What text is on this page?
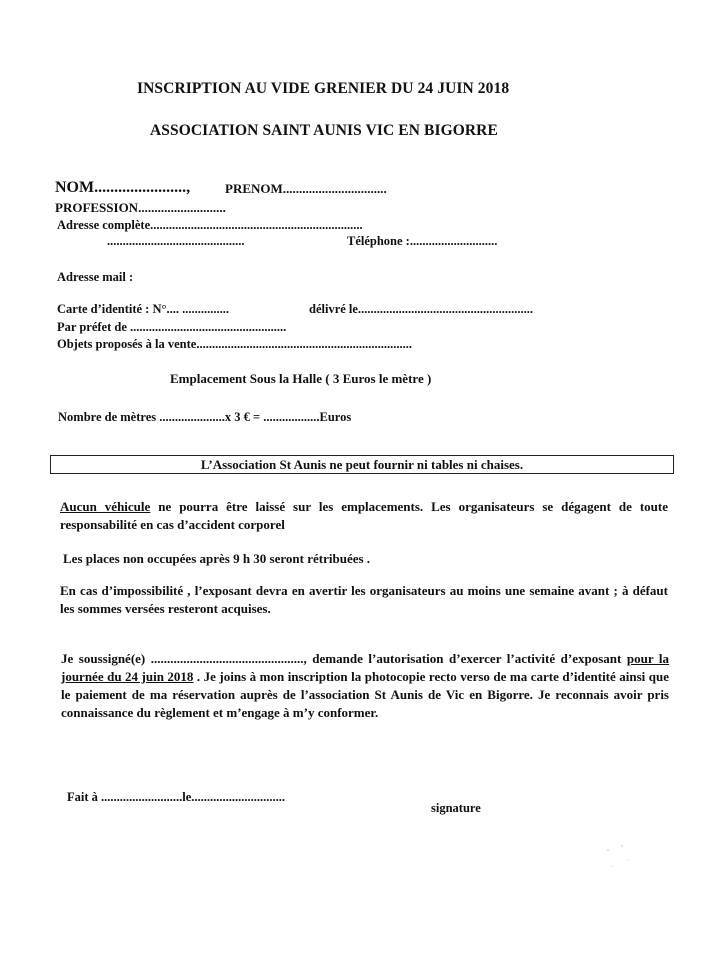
INSCRIPTION AU VIDE GRENIER DU 24 JUIN 2018
ASSOCIATION SAINT AUNIS VIC EN BIGORRE
NOM.......................,	PRENOM................................
PROFESSION...........................
Adresse complète....................................................................
............................................	Téléphone :............................
Adresse mail :
Carte d’identité : N°.... ...............	délivré le........................................................
Par préfet de ..................................................
Objets proposés à la vente.....................................................................
Emplacement Sous la Halle ( 3 Euros le mètre )
Nombre de mètres .....................x 3 € = ..................Euros
L’Association St Aunis ne peut fournir ni tables ni chaises.
Aucun véhicule ne pourra être laissé sur les emplacements. Les organisateurs se dégagent de toute responsabilité en cas d’accident corporel
Les places non occupées après 9 h 30 seront rétribuées .
En cas d’impossibilité , l’exposant devra en avertir les organisateurs au moins une semaine avant ; à défaut les sommes versées resteront acquises.
Je soussigné(e) ..............................................., demande l’autorisation d’exercer l’activité d’exposant pour la journée du 24 juin 2018 . Je joins à mon inscription la photocopie recto verso de ma carte d’identité ainsi que le paiement de ma réservation auprès de l’association St Aunis de Vic en Bigorre. Je reconnais avoir pris connaissance du règlement et m’engage à m’y conformer.
Fait à ..........................le..............................
signature
